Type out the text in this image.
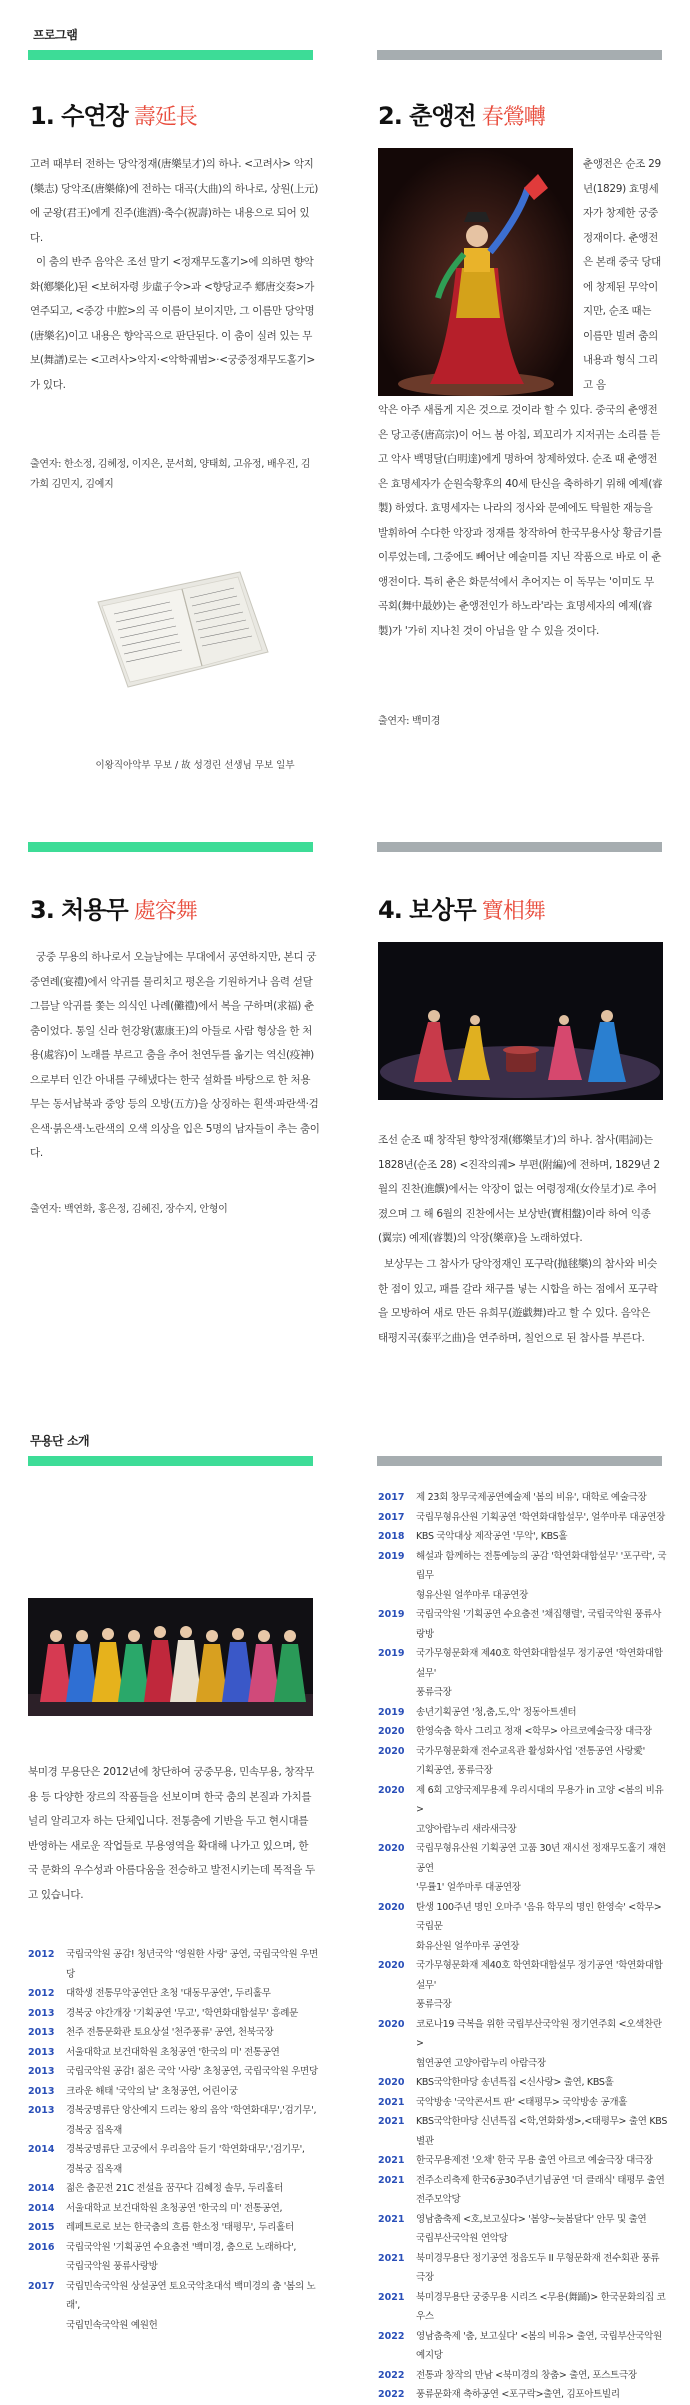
프로그램
1. 수연장 壽延長
고려 때부터 전하는 당악정재(唐樂呈才)의 하나. <고려사> 악지(樂志) 당악조(唐樂條)에 전하는 대곡(大曲)의 하나로, 상원(上元)에 군왕(君王)에게 진주(進酒)·축수(祝壽)하는 내용으로 되어 있다.
이 춤의 반주 음악은 조선 말기 <정재무도홀기>에 의하면 향악화(鄕樂化)된 <보허자령 步虛子令>과 <향당교주 鄕唐交奏>가 연주되고, <중강 中腔>의 곡 이름이 보이지만, 그 이름만 당악명(唐樂名)이고 내용은 향악곡으로 판단된다. 이 춤이 실려 있는 무보(舞譜)로는 <고려사>악지·<악학궤범>·<궁중정재무도홀기>가 있다.
출연자: 한소정, 김혜정, 이지은, 문서희, 양태희, 고유정, 배우진, 김가희 김민지, 김예지
이왕직아악부 무보 / 故 성경린 선생님 무보 일부
2. 춘앵전 春鶯囀
춘앵전은 순조 29년(1829) 효명세자가 창제한 궁중정재이다. 춘앵전은 본래 중국 당대에 창제된 무악이지만, 순조 때는 이름만 빌려 춤의 내용과 형식 그리고 음
악은 아주 새롭게 지은 것으로 것이라 할 수 있다. 중국의 춘앵전은 당고종(唐高宗)이 어느 봄 아침, 꾀꼬리가 지저귀는 소리를 듣고 악사 백명달(白明達)에게 명하여 창제하였다. 순조 때 춘앵전은 효명세자가 순원숙황후의 40세 탄신을 축하하기 위해 예제(睿製) 하였다. 효명세자는 나라의 정사와 문예에도 탁월한 재능을 발휘하여 수다한 악장과 정재를 창작하여 한국무용사상 황금기를 이루었는데, 그중에도 빼어난 예술미를 지닌 작품으로 바로 이 춘앵전이다. 특히 춘은 화문석에서 추어지는 이 독무는 '이미도 무곡회(舞中最妙)는 춘앵전인가 하노라'라는 효명세자의 예제(睿製)가 '가히 지나친 것이 아님을 알 수 있을 것이다.
출연자: 백미경
3. 처용무 處容舞
궁중 무용의 하나로서 오늘날에는 무대에서 공연하지만, 본디 궁중연례(宴禮)에서 악귀를 물리치고 평온을 기원하거나 음력 섣달그믐날 악귀를 쫓는 의식인 나례(儺禮)에서 복을 구하며(求福) 춘 춤이었다. 통일 신라 헌강왕(憲康王)의 아들로 사람 형상을 한 처용(處容)이 노래를 부르고 춤을 추어 천연두를 옮기는 역신(疫神)으로부터 인간 아내를 구해냈다는 한국 설화를 바탕으로 한 처용무는 동서남북과 중앙 등의 오방(五方)을 상징하는 흰색·파란색·검은색·붉은색·노란색의 오색 의상을 입은 5명의 남자들이 추는 춤이다.
출연자: 백연화, 홍은정, 김혜진, 장수지, 안형이
4. 보상무 寶相舞
조선 순조 때 창작된 향악정재(鄕樂呈才)의 하나. 참사(唱詞)는 1828년(순조 28) <진작의궤> 부편(附編)에 전하며, 1829년 2월의 진찬(進饌)에서는 악장이 없는 여령정재(女伶呈才)로 추어졌으며 그 해 6월의 진찬에서는 보상반(寶相盤)이라 하여 익종(翼宗) 예제(睿製)의 악장(樂章)을 노래하였다.
보상무는 그 참사가 당악정재인 포구락(抛毬樂)의 참사와 비슷한 점이 있고, 패를 갈라 채구를 넣는 시합을 하는 점에서 포구락을 모방하여 새로 만든 유희무(遊戱舞)라고 할 수 있다. 음악은 태평지곡(泰平之曲)을 연주하며, 칠언으로 된 참사를 부른다.
무용단 소개
북미경 무용단은 2012년에 창단하여 궁중무용, 민속무용, 창작무용 등 다양한 장르의 작품들을 선보이며 한국 춤의 본질과 가치를 널리 알리고자 하는 단체입니다. 전통춤에 기반을 두고 현시대를 반영하는 새로운 작업들로 무용영역을 확대해 나가고 있으며, 한국 문화의 우수성과 아름다움을 전승하고 발전시키는데 목적을 두고 있습니다.
2012	국립국악원 공감! 청년국악 '영원한 사랑' 공연, 국립국악원 우면당
2012	대학생 전통무악공연단 초청 '대동무공연', 두리홀무
2013	경복궁 야간개장 '기획공연 '무고', '학연화대합설무' 흥례문
2013	천주 전통문화관 토요상설 '천주풍류' 공연, 천북국장
2013	서울대학교 보건대학원 초청공연 '한국의 미' 전통공연
2013	국립국악원 공감! 젊은 국악 '사랑' 초청공연, 국립국악원 우면당
2013	크라운 해태 '국악의 날' 초청공연, 어린이궁
2013	경복궁명류단 앙산예지 드리는 왕의 음악 '학연화대무','검기무',
경복궁 집옥재
2014	경복궁명류단 고궁에서 우리음악 듣기 '학연화대무','검기무',
경복궁 집옥재
2014	젊은 춤꾼전 21C 전설을 꿈꾸다 김혜정 솔무, 두리홀터
2014	서울대학교 보건대학원 초청공연 '한국의 미' 전통공연,
2015	레페트로로 보는 한국춤의 흐름 한소정 '태평무', 두리홀터
2016	국립국악원 '기획공연 수요춤전 '백미경, 춤으로 노래하다',
국립국악원 풍류사랑방
2017	국립민속국악원 상설공연 토요국악초대석 백미경의 춤 '봄의 노래',
국립민속국악원 예원헌
2017	제 23회 창무국제공연예술제 '봄의 비유', 대학로 예술극장
2017	국립무형유산원 기획공연 '학연화대합설무', 얼쑤마루 대공연장
2018	KBS 국악대상 제작공연 '무악', KBS홀
2019	해설과 함께하는 전통예능의 공감 '학연화대합설무' '포구락', 국립무
형유산원 얼쑤마루 대공연장
2019	국립국악원 '기획공연 수요춤전 '채집행렬', 국립국악원 풍류사랑방
2019	국가무형문화재 제40호 학연화대합설무 정기공연 '학연화대합설무'
풍류극장
2019	송년기획공연 '청,춤,도,악' 정동아트센터
2020	한영숙춤 학사 그리고 정재 <학무> 아르코예술극장 대극장
2020	국가무형문화재 전수교육관 활성화사업 '전통공연 사랑愛'
기획공연, 풍류극장
2020	제 6회 고양국제무용제 우리시대의 무용가 in 고양 <봄의 비유>
고양아람누리 새라새극장
2020	국립무형유산원 기획공연 고품 30년 재시선 정재무도홀기 재현공연
'무률1' 얼쑤마루 대공연장
2020	탄생 100주년 명인 오마주 '음유 학무의 명인 한영숙' <학무> 국립문
화유산원 얼쑤마루 공연장
2020	국가무형문화재 제40호 학연화대합설무 정기공연 '학연화대합설무'
풍류극장
2020	코로나19 극복을 위한 국립부산국악원 정기연주회 <오색찬란>
협연공연 고양아람누리 아람극장
2020	KBS국악한마당 송년특집 <신사랑> 출연, KBS홀
2021	국악방송 '국악콘서트 판' <태평무> 국악방송 공개홀
2021	KBS국악한마당 신년특집 <학,연화화생>,<태평무> 출연 KBS 별관
2021	한국무용제전 '오채' 한국 무용 출연 아르코 예술극장 대극장
2021	전주소리축제 한국6공30주년기념공연 '더 클래식' 태평무 출연
전주모악당
2021	영남춤축제 <호,보고싶다> '봄양~늦봄달다' 안무 및 출연
국립부산국악원 연악당
2021	북미경무용단 정기공연 정음도두 II 무형문화재 전수회관 풍류극장
2021	북미경무용단 궁중무용 시리즈 <무용(舞踊)> 한국문화의집 코우스
2022	영남춤축제 '춤, 보고싶다' <봄의 비유> 출연, 국립부산국악원 예지당
2022	전통과 창작의 만남 <북미경의 창춤> 출연, 포스트극장
2022	풍류문화재 축하공연 <포구락>출연, 김포아트빌리
